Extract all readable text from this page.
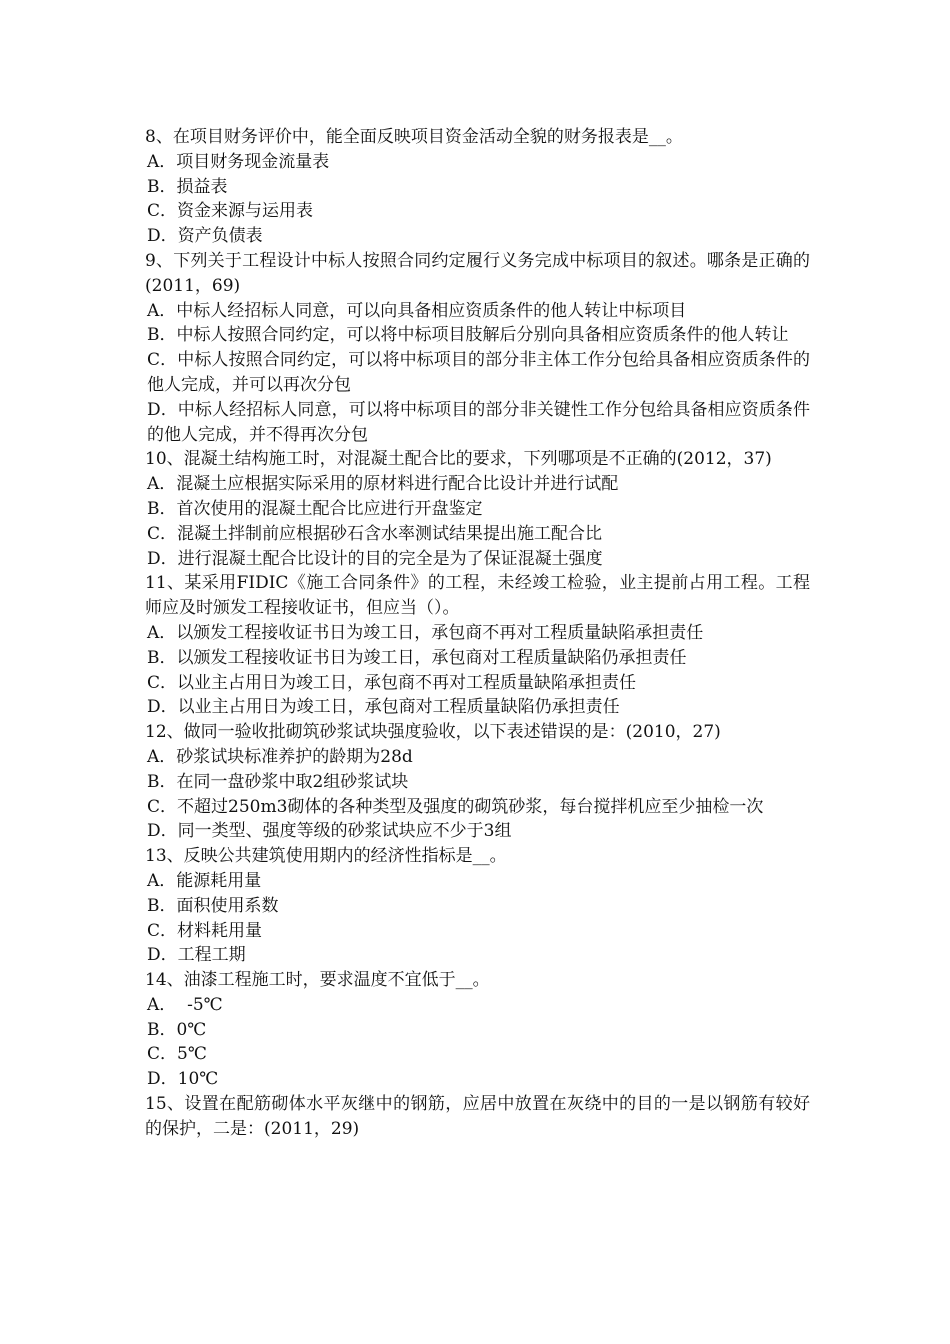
8、在项目财务评价中，能全面反映项目资金活动全貌的财务报表是__。

A．项目财务现金流量表

B．损益表

C．资金来源与运用表

D．资产负债表

9、下列关于工程设计中标人按照合同约定履行义务完成中标项目的叙述。哪条是正确的(2011，69)

A．中标人经招标人同意，可以向具备相应资质条件的他人转让中标项目

B．中标人按照合同约定，可以将中标项目肢解后分别向具备相应资质条件的他人转让

C．中标人按照合同约定，可以将中标项目的部分非主体工作分包给具备相应资质条件的他人完成，并可以再次分包

D．中标人经招标人同意，可以将中标项目的部分非关键性工作分包给具备相应资质条件的他人完成，并不得再次分包

10、混凝土结构施工时，对混凝土配合比的要求，下列哪项是不正确的(2012，37)

A．混凝土应根据实际采用的原材料进行配合比设计并进行试配

B．首次使用的混凝土配合比应进行开盘鉴定

C．混凝土拌制前应根据砂石含水率测试结果提出施工配合比

D．进行混凝土配合比设计的目的完全是为了保证混凝土强度

11、某采用FIDIC《施工合同条件》的工程，未经竣工检验，业主提前占用工程。工程师应及时颁发工程接收证书，但应当（）。

A．以颁发工程接收证书日为竣工日，承包商不再对工程质量缺陷承担责任

B．以颁发工程接收证书日为竣工日，承包商对工程质量缺陷仍承担责任

C．以业主占用日为竣工日，承包商不再对工程质量缺陷承担责任

D．以业主占用日为竣工日，承包商对工程质量缺陷仍承担责任

12、做同一验收批砌筑砂浆试块强度验收，以下表述错误的是：(2010，27)

A．砂浆试块标准养护的龄期为28d

B．在同一盘砂浆中取2组砂浆试块

C．不超过250m3砌体的各种类型及强度的砌筑砂浆，每台搅拌机应至少抽检一次

D．同一类型、强度等级的砂浆试块应不少于3组

13、反映公共建筑使用期内的经济性指标是__。

A．能源耗用量

B．面积使用系数

C．材料耗用量

D．工程工期

14、油漆工程施工时，要求温度不宜低于__。

A．  -5℃

B．0℃

C．5℃

D．10℃

15、设置在配筋砌体水平灰继中的钢筋，应居中放置在灰绕中的目的一是以钢筋有较好的保护，二是：(2011，29)
